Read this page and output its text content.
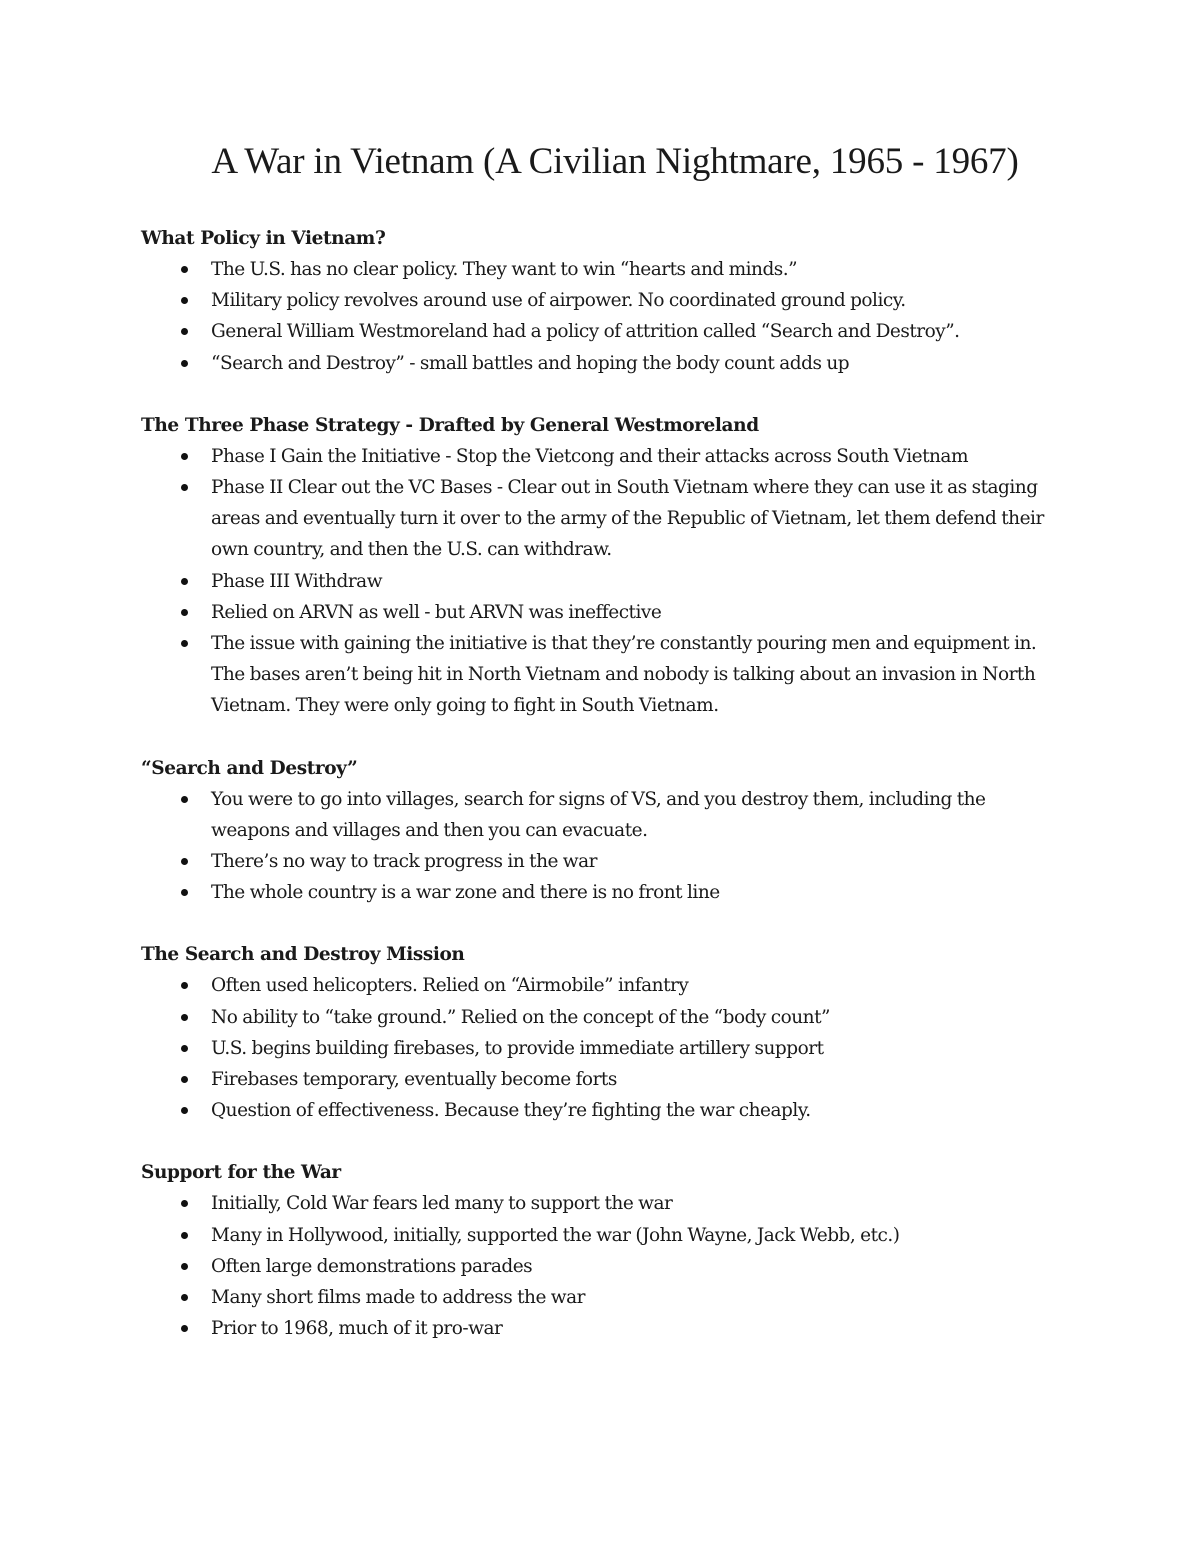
A War in Vietnam (A Civilian Nightmare, 1965 - 1967)
What Policy in Vietnam?
The U.S. has no clear policy. They want to win “hearts and minds.”
Military policy revolves around use of airpower. No coordinated ground policy.
General William Westmoreland had a policy of attrition called “Search and Destroy”.
“Search and Destroy” - small battles and hoping the body count adds up
The Three Phase Strategy - Drafted by General Westmoreland
Phase I Gain the Initiative - Stop the Vietcong and their attacks across South Vietnam
Phase II Clear out the VC Bases - Clear out in South Vietnam where they can use it as staging areas and eventually turn it over to the army of the Republic of Vietnam, let them defend their own country, and then the U.S. can withdraw.
Phase III Withdraw
Relied on ARVN as well - but ARVN was ineffective
The issue with gaining the initiative is that they’re constantly pouring men and equipment in. The bases aren’t being hit in North Vietnam and nobody is talking about an invasion in North Vietnam. They were only going to fight in South Vietnam.
“Search and Destroy”
You were to go into villages, search for signs of VS, and you destroy them, including the weapons and villages and then you can evacuate.
There’s no way to track progress in the war
The whole country is a war zone and there is no front line
The Search and Destroy Mission
Often used helicopters. Relied on “Airmobile” infantry
No ability to “take ground.” Relied on the concept of the “body count”
U.S. begins building firebases, to provide immediate artillery support
Firebases temporary, eventually become forts
Question of effectiveness. Because they’re fighting the war cheaply.
Support for the War
Initially, Cold War fears led many to support the war
Many in Hollywood, initially, supported the war (John Wayne, Jack Webb, etc.)
Often large demonstrations parades
Many short films made to address the war
Prior to 1968, much of it pro-war
